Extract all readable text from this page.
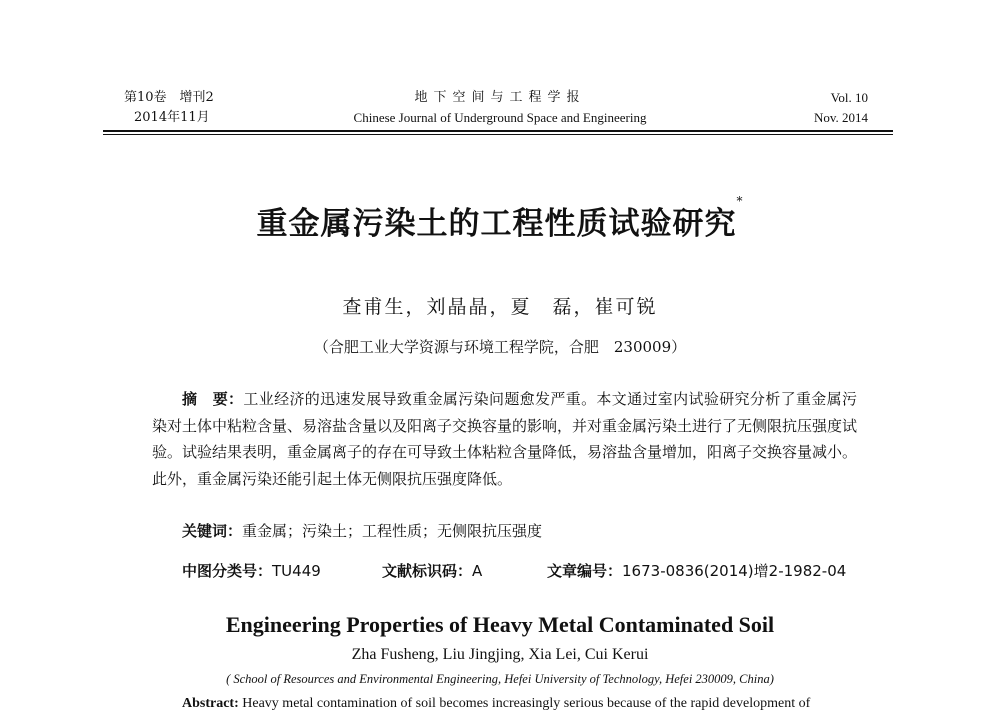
第10卷　增刊2
2014年11月
地下空间与工程学报
Chinese Journal of Underground Space and Engineering
Vol. 10
Nov. 2014
重金属污染土的工程性质试验研究*
查甫生，刘晶晶，夏　磊，崔可锐
（合肥工业大学资源与环境工程学院，合肥　230009）
摘　要：工业经济的迅速发展导致重金属污染问题愈发严重。本文通过室内试验研究分析了重金属污染对土体中粘粒含量、易溶盐含量以及阳离子交换容量的影响，并对重金属污染土进行了无侧限抗压强度试验。试验结果表明，重金属离子的存在可导致土体粘粒含量降低，易溶盐含量增加，阳离子交换容量减小。此外，重金属污染还能引起土体无侧限抗压强度降低。
关键词：重金属；污染土；工程性质；无侧限抗压强度
中图分类号：TU449	文献标识码：A	文章编号：1673-0836(2014)增2-1982-04
Engineering Properties of Heavy Metal Contaminated Soil
Zha Fusheng, Liu Jingjing, Xia Lei, Cui Kerui
( School of Resources and Environmental Engineering, Hefei University of Technology, Hefei 230009, China)
Abstract: Heavy metal contamination of soil becomes increasingly serious because of the rapid development of
